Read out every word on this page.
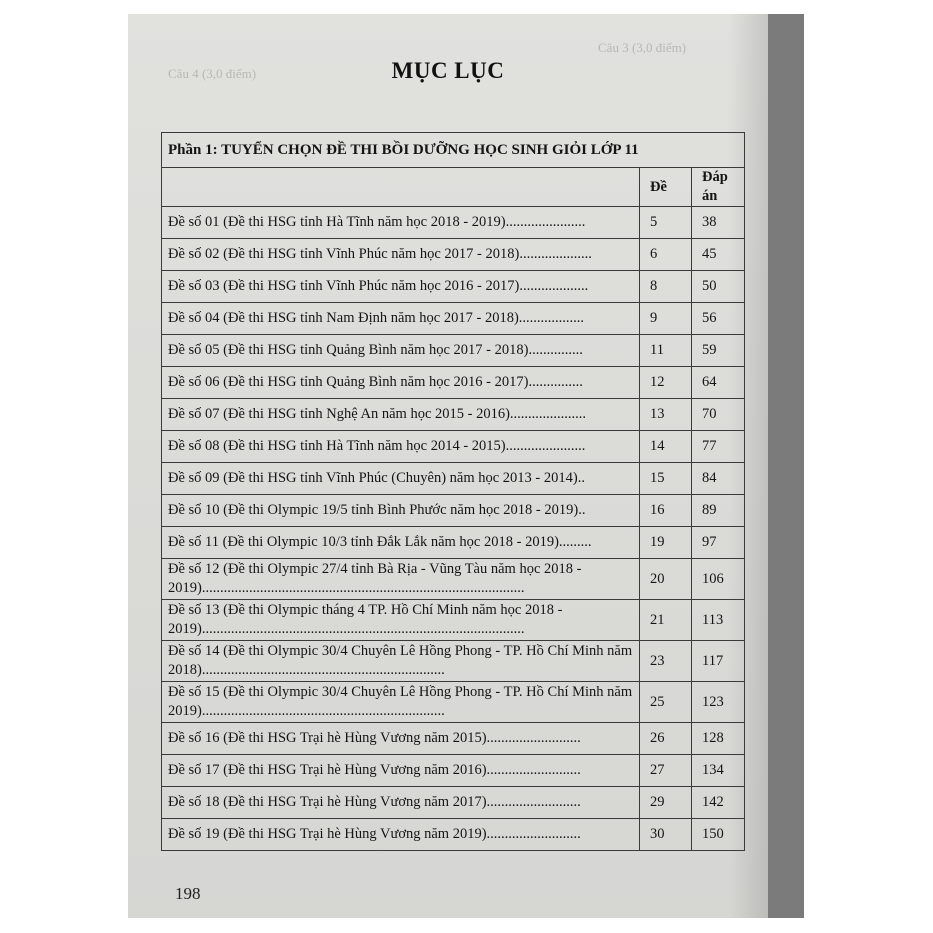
Câu 3 (3,0 điểm)
Câu 4 (3,0 điểm)	MỤC LỤC
Phần 1: TUYỂN CHỌN ĐỀ THI BỒI DƯỠNG HỌC SINH GIỎI LỚP 11		
	Đề	Đáp án
Đề số 01 (Đề thi HSG tỉnh Hà Tĩnh năm học 2018 - 2019)......................	5	38
Đề số 02 (Đề thi HSG tỉnh Vĩnh Phúc năm học 2017 - 2018)....................	6	45
Đề số 03 (Đề thi HSG tỉnh Vĩnh Phúc năm học 2016 - 2017)...................	8	50
Đề số 04 (Đề thi HSG tỉnh Nam Định năm học 2017 - 2018)..................	9	56
Đề số 05 (Đề thi HSG tỉnh Quảng Bình năm học 2017 - 2018)...............	11	59
Đề số 06 (Đề thi HSG tỉnh Quảng Bình năm học 2016 - 2017)...............	12	64
Đề số 07 (Đề thi HSG tỉnh Nghệ An năm học 2015 - 2016).....................	13	70
Đề số 08 (Đề thi HSG tỉnh Hà Tĩnh năm học 2014 - 2015)......................	14	77
Đề số 09 (Đề thi HSG tỉnh Vĩnh Phúc (Chuyên) năm học 2013 - 2014)..	15	84
Đề số 10 (Đề thi Olympic 19/5 tỉnh Bình Phước năm học 2018 - 2019)..	16	89
Đề số 11 (Đề thi Olympic 10/3 tỉnh Đắk Lắk năm học 2018 - 2019).........	19	97
Đề số 12 (Đề thi Olympic 27/4 tỉnh Bà Rịa - Vũng Tàu năm học 2018 - 2019).........................................................................................	20	106
Đề số 13 (Đề thi Olympic tháng 4 TP. Hồ Chí Minh năm học 2018 - 2019).........................................................................................	21	113
Đề số 14 (Đề thi Olympic 30/4 Chuyên Lê Hồng Phong - TP. Hồ Chí Minh năm 2018)...................................................................	23	117
Đề số 15 (Đề thi Olympic 30/4 Chuyên Lê Hồng Phong - TP. Hồ Chí Minh năm 2019)...................................................................	25	123
Đề số 16 (Đề thi HSG Trại hè Hùng Vương năm 2015)..........................	26	128
Đề số 17 (Đề thi HSG Trại hè Hùng Vương năm 2016)..........................	27	134
Đề số 18 (Đề thi HSG Trại hè Hùng Vương năm 2017)..........................	29	142
Đề số 19 (Đề thi HSG Trại hè Hùng Vương năm 2019)..........................	30	150
198
